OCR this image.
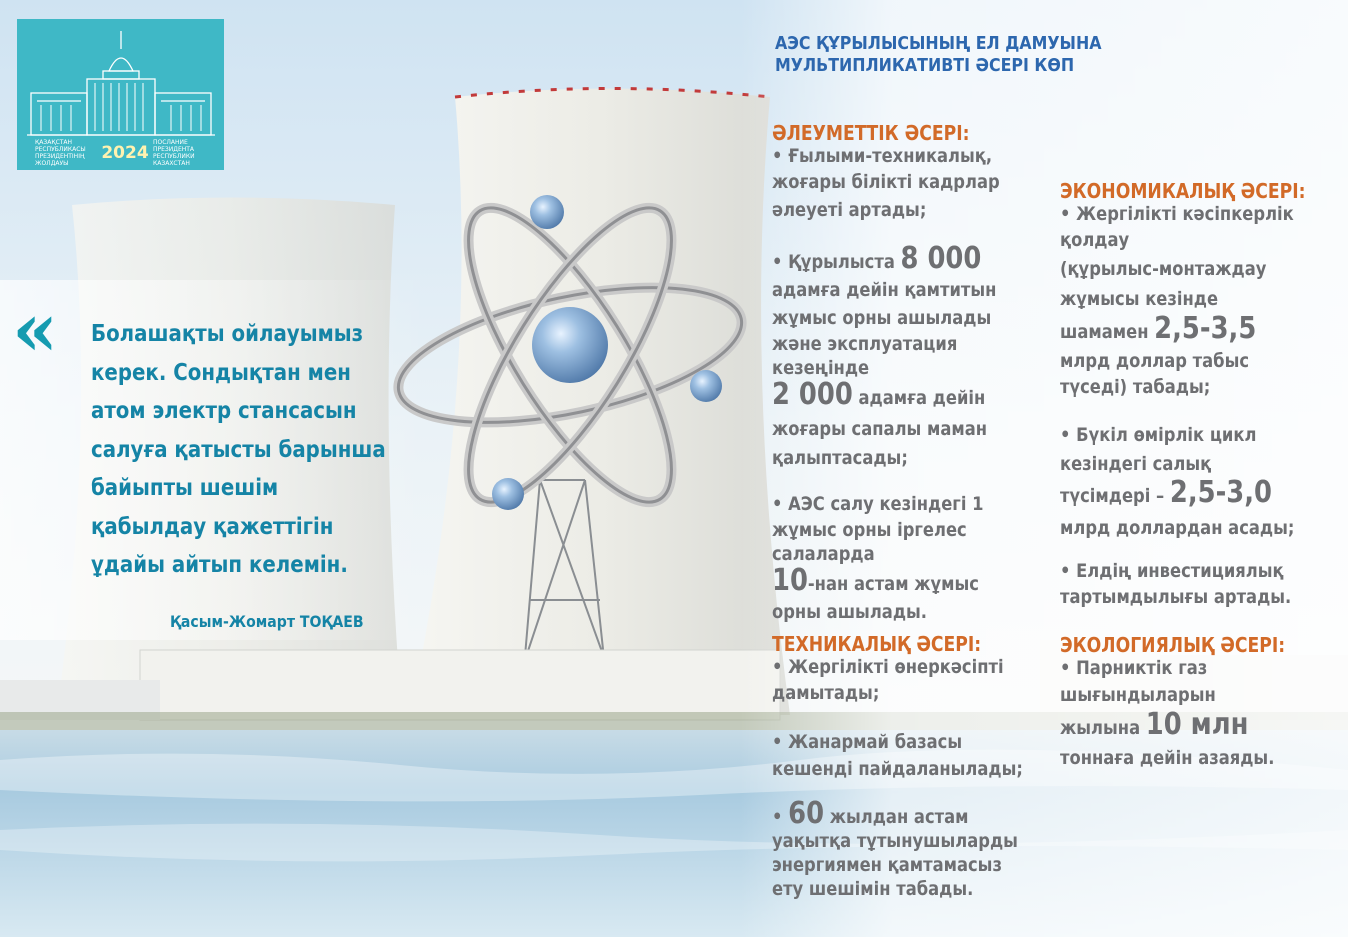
ҚАЗАҚСТАН
РЕСПУБЛИКАСЫ
ПРЕЗИДЕНТІНІҢ
ЖОЛДАУЫ
2024
ПОСЛАНИЕ
ПРЕЗИДЕНТА
РЕСПУБЛИКИ
КАЗАХСТАН
« Болашақты ойлауымыз
керек. Сондықтан мен
атом электр стансасын
салуға қатысты барынша
байыпты шешім
қабылдау қажеттігін
ұдайы айтып келемін.
Қасым-Жомарт ТОҚАЕВ
АЭС ҚҰРЫЛЫСЫНЫҢ ЕЛ ДАМУЫНА
МУЛЬТИПЛИКАТИВТІ ӘСЕРІ КӨП
ӘЛЕУМЕТТІК ӘСЕРІ:
• Ғылыми-техникалық,
жоғары білікті кадрлар
әлеуеті артады;
• Құрылыста 8 000
адамға дейін қамтитын
жұмыс орны ашылады
және эксплуатация
кезеңінде
2 000 адамға дейін
жоғары сапалы маман
қалыптасады;
• АЭС салу кезіндегі 1
жұмыс орны іргелес
салаларда
10-нан астам жұмыс
орны ашылады.
ТЕХНИКАЛЫҚ ӘСЕРІ:
• Жергілікті өнеркәсіпті
дамытады;
• Жанармай базасы
кешенді пайдаланылады;
• 60 жылдан астам
уақытқа тұтынушыларды
энергиямен қамтамасыз
ету шешімін табады.
ЭКОНОМИКАЛЫҚ ӘСЕРІ:
• Жергілікті кәсіпкерлік
қолдау
(құрылыс-монтаждау
жұмысы кезінде
шамамен 2,5-3,5
млрд доллар табыс
түседі) табады;
• Бүкіл өмірлік цикл
кезіндегі салық
түсімдері – 2,5-3,0
млрд доллардан асады;
• Елдің инвестициялық
тартымдылығы артады.
ЭКОЛОГИЯЛЫҚ ӘСЕРІ:
• Парниктік газ
шығындыларын
жылына 10 млн
тоннаға дейін азаяды.
